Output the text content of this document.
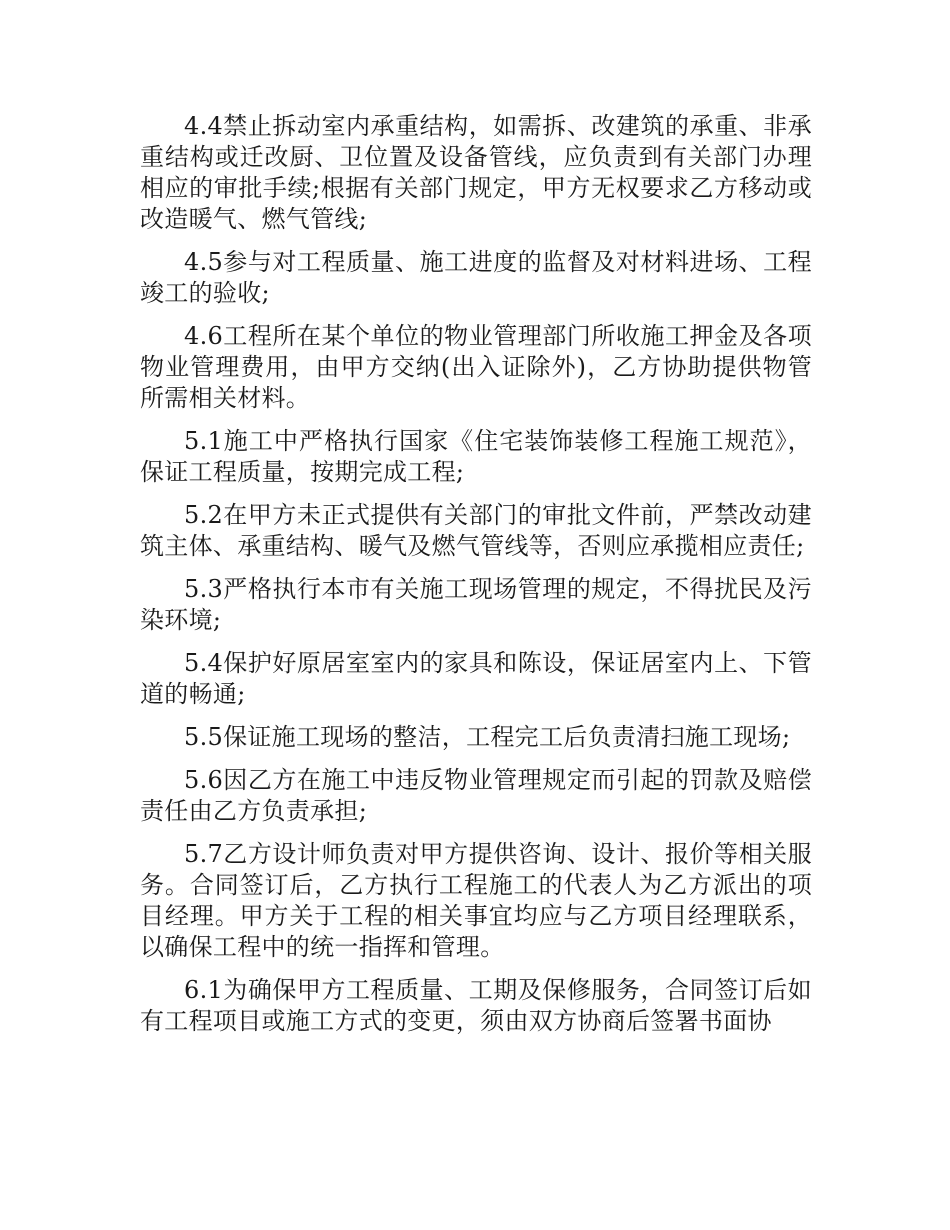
4.4禁止拆动室内承重结构，如需拆、改建筑的承重、非承重结构或迁改厨、卫位置及设备管线，应负责到有关部门办理相应的审批手续;根据有关部门规定，甲方无权要求乙方移动或改造暖气、燃气管线;

4.5参与对工程质量、施工进度的监督及对材料进场、工程竣工的验收;

4.6工程所在某个单位的物业管理部门所收施工押金及各项物业管理费用，由甲方交纳(出入证除外)，乙方协助提供物管所需相关材料。

5.1施工中严格执行国家《住宅装饰装修工程施工规范》，保证工程质量，按期完成工程;

5.2在甲方未正式提供有关部门的审批文件前，严禁改动建筑主体、承重结构、暖气及燃气管线等，否则应承揽相应责任;

5.3严格执行本市有关施工现场管理的规定，不得扰民及污染环境;

5.4保护好原居室室内的家具和陈设，保证居室内上、下管道的畅通;

5.5保证施工现场的整洁，工程完工后负责清扫施工现场;

5.6因乙方在施工中违反物业管理规定而引起的罚款及赔偿责任由乙方负责承担;

5.7乙方设计师负责对甲方提供咨询、设计、报价等相关服务。合同签订后，乙方执行工程施工的代表人为乙方派出的项目经理。甲方关于工程的相关事宜均应与乙方项目经理联系，以确保工程中的统一指挥和管理。

6.1为确保甲方工程质量、工期及保修服务，合同签订后如有工程项目或施工方式的变更，须由双方协商后签署书面协
